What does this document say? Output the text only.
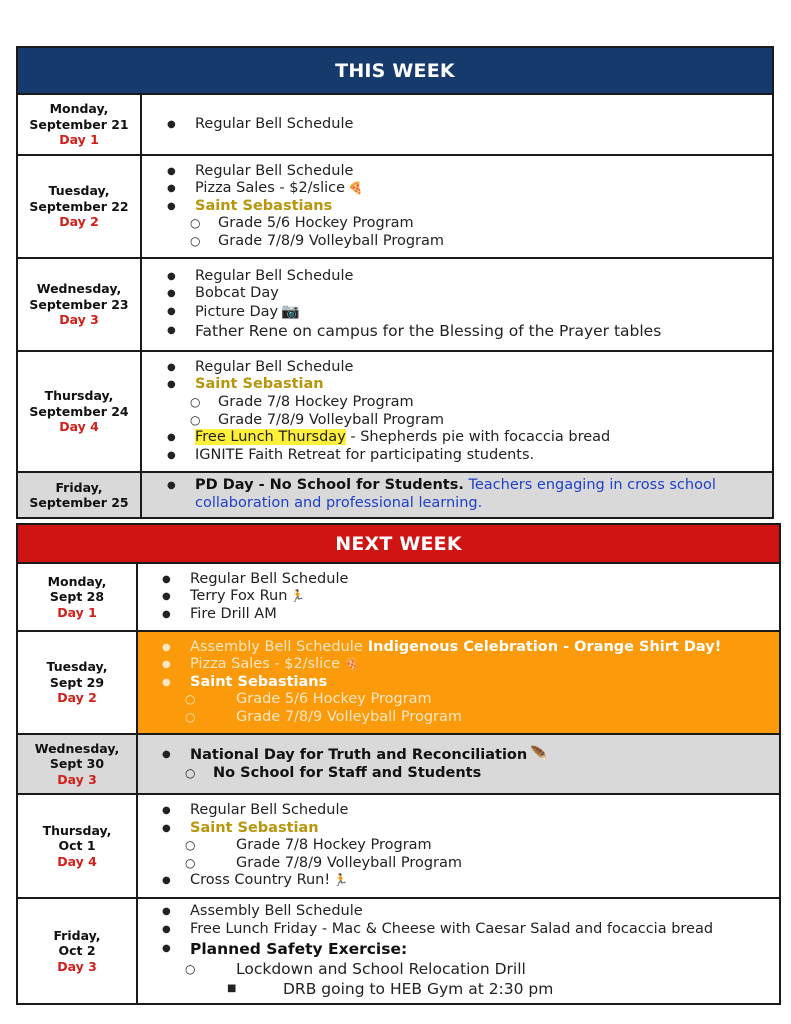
THIS WEEK
Monday,
September 21
Day 1
● Regular Bell Schedule
Tuesday,
September 22
Day 2
● Regular Bell Schedule
● Pizza Sales - $2/slice 🍕
● Saint Sebastians
○ Grade 5/6 Hockey Program
○ Grade 7/8/9 Volleyball Program
Wednesday,
September 23
Day 3
● Regular Bell Schedule
● Bobcat Day
● Picture Day 📷
● Father Rene on campus for the Blessing of the Prayer tables
Thursday,
September 24
Day 4
● Regular Bell Schedule
● Saint Sebastian
○ Grade 7/8 Hockey Program
○ Grade 7/8/9 Volleyball Program
● Free Lunch Thursday - Shepherds pie with focaccia bread
● IGNITE Faith Retreat for participating students.
Friday,
September 25
● PD Day - No School for Students. Teachers engaging in cross school collaboration and professional learning.
NEXT WEEK
Monday,
Sept 28
Day 1
● Regular Bell Schedule
● Terry Fox Run 🏃
● Fire Drill AM
Tuesday,
Sept 29
Day 2
● Assembly Bell Schedule Indigenous Celebration - Orange Shirt Day!
● Pizza Sales - $2/slice 🍕
● Saint Sebastians
○ Grade 5/6 Hockey Program
○ Grade 7/8/9 Volleyball Program
Wednesday,
Sept 30
Day 3
● National Day for Truth and Reconciliation 🪶
○ No School for Staff and Students
Thursday,
Oct 1
Day 4
● Regular Bell Schedule
● Saint Sebastian
○ Grade 7/8 Hockey Program
○ Grade 7/8/9 Volleyball Program
● Cross Country Run! 🏃
Friday,
Oct 2
Day 3
● Assembly Bell Schedule
● Free Lunch Friday - Mac & Cheese with Caesar Salad and focaccia bread
● Planned Safety Exercise:
○ Lockdown and School Relocation Drill
■ DRB going to HEB Gym at 2:30 pm
